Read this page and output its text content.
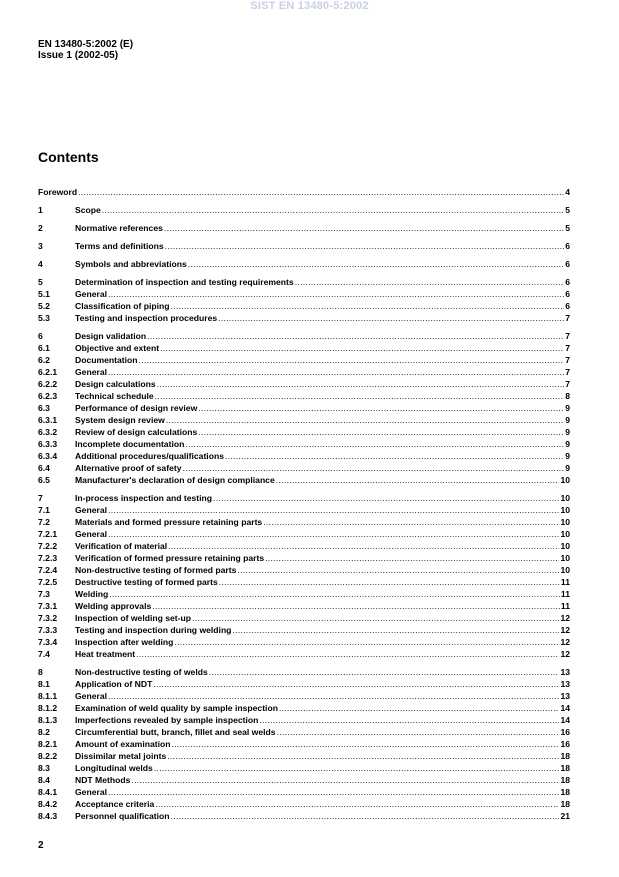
SIST EN 13480-5:2002
EN 13480-5:2002 (E)
Issue 1 (2002-05)
Contents
Foreword .....	4
1	Scope .....	5
2	Normative references .....	5
3	Terms and definitions .....	6
4	Symbols and abbreviations .....	6
5	Determination of inspection and testing requirements .....	6
5.1	General .....	6
5.2	Classification of piping .....	6
5.3	Testing and inspection procedures .....	7
6	Design validation .....	7
6.1	Objective and extent .....	7
6.2	Documentation .....	7
6.2.1	General .....	7
6.2.2	Design calculations .....	7
6.2.3	Technical schedule .....	8
6.3	Performance of design review .....	9
6.3.1	System design review .....	9
6.3.2	Review of design calculations .....	9
6.3.3	Incomplete documentation .....	9
6.3.4	Additional procedures/qualifications .....	9
6.4	Alternative proof of safety .....	9
6.5	Manufacturer's declaration of design compliance .....	10
7	In-process inspection and testing .....	10
7.1	General .....	10
7.2	Materials and formed pressure retaining parts .....	10
7.2.1	General .....	10
7.2.2	Verification of material .....	10
7.2.3	Verification of formed pressure retaining parts .....	10
7.2.4	Non-destructive testing of formed parts .....	10
7.2.5	Destructive testing of formed parts .....	11
7.3	Welding .....	11
7.3.1	Welding approvals .....	11
7.3.2	Inspection of welding set-up .....	12
7.3.3	Testing and inspection during welding .....	12
7.3.4	Inspection after welding .....	12
7.4	Heat treatment .....	12
8	Non-destructive testing of welds .....	13
8.1	Application of NDT .....	13
8.1.1	General .....	13
8.1.2	Examination of weld quality by sample inspection .....	14
8.1.3	Imperfections revealed by sample inspection .....	14
8.2	Circumferential butt, branch, fillet and seal welds .....	16
8.2.1	Amount of examination .....	16
8.2.2	Dissimilar metal joints .....	18
8.3	Longitudinal welds .....	18
8.4	NDT Methods .....	18
8.4.1	General .....	18
8.4.2	Acceptance criteria .....	18
8.4.3	Personnel qualification .....	21
2
